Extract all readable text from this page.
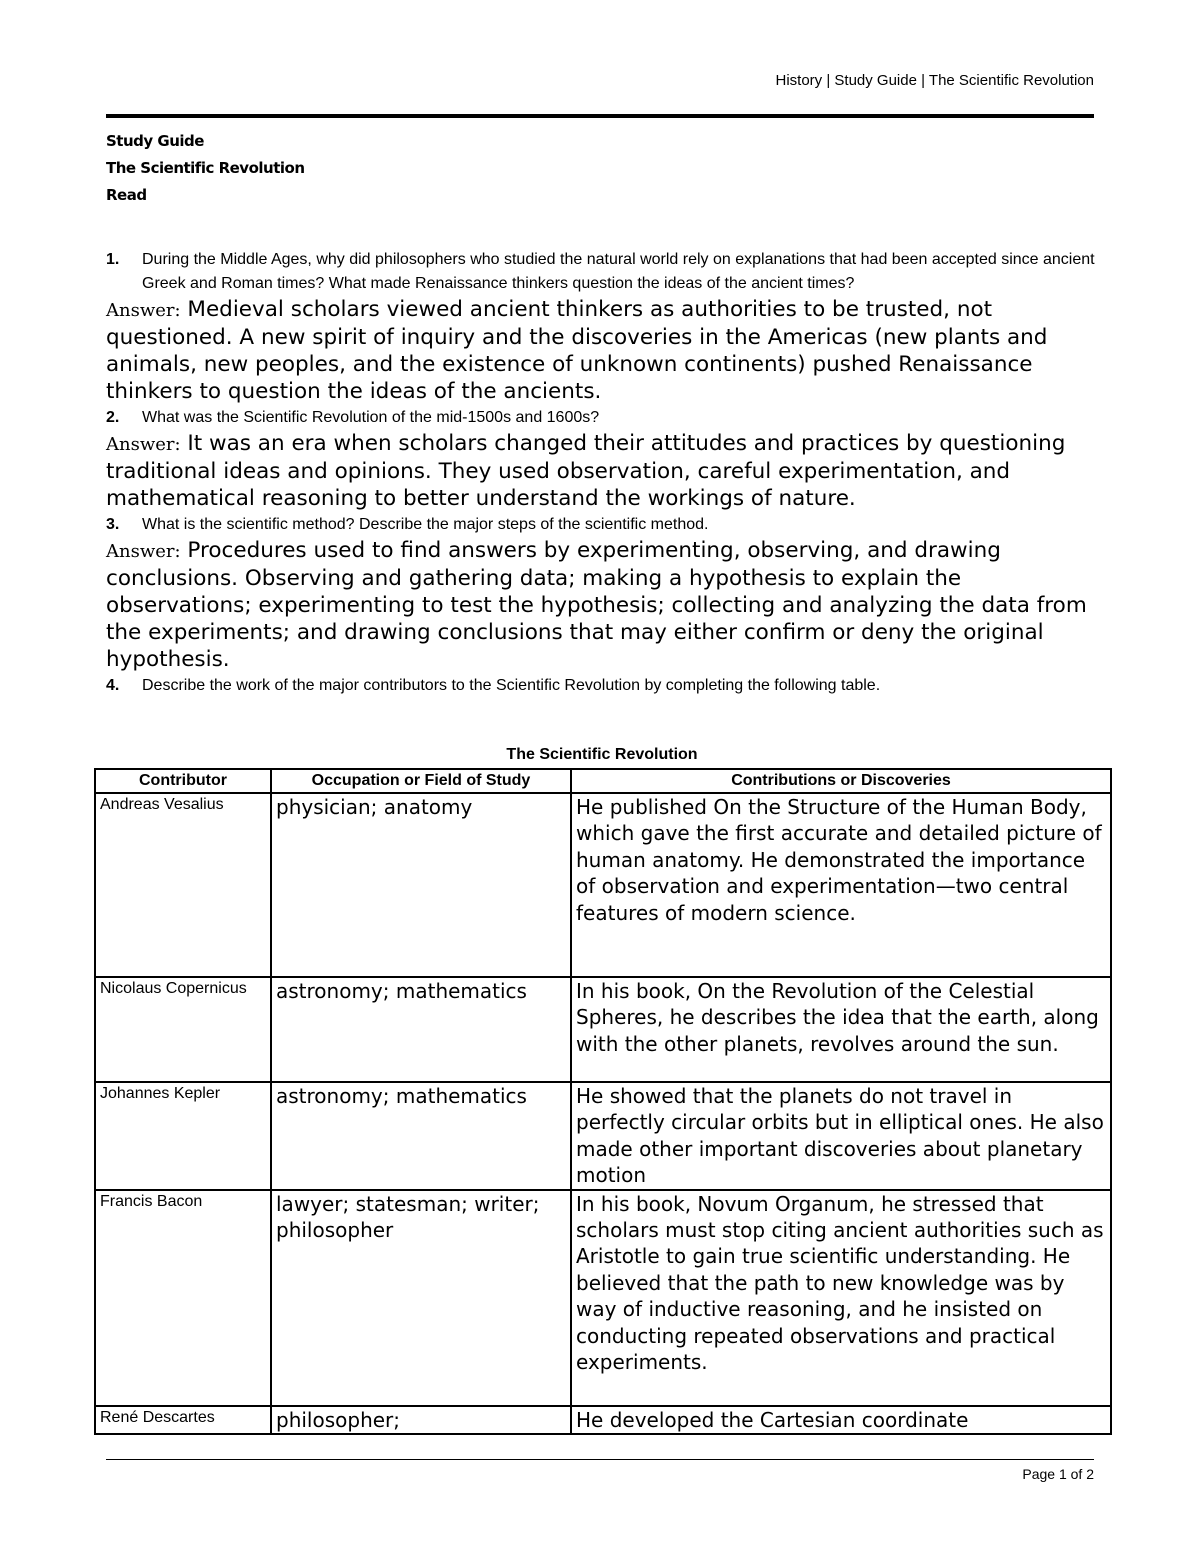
History | Study Guide | The Scientific Revolution
Study Guide
The Scientific Revolution
Read
1.	During the Middle Ages, why did philosophers who studied the natural world rely on explanations that had been accepted since ancient Greek and Roman times? What made Renaissance thinkers question the ideas of the ancient times?
Answer: Medieval scholars viewed ancient thinkers as authorities to be trusted, not questioned. A new spirit of inquiry and the discoveries in the Americas (new plants and animals, new peoples, and the existence of unknown continents) pushed Renaissance thinkers to question the ideas of the ancients.
2.	What was the Scientific Revolution of the mid-1500s and 1600s?
Answer: It was an era when scholars changed their attitudes and practices by questioning traditional ideas and opinions. They used observation, careful experimentation, and mathematical reasoning to better understand the workings of nature.
3.	What is the scientific method? Describe the major steps of the scientific method.
Answer: Procedures used to find answers by experimenting, observing, and drawing conclusions. Observing and gathering data; making a hypothesis to explain the observations; experimenting to test the hypothesis; collecting and analyzing the data from the experiments; and drawing conclusions that may either confirm or deny the original hypothesis.
4.	Describe the work of the major contributors to the Scientific Revolution by completing the following table.
The Scientific Revolution
Contributor	Occupation or Field of Study	Contributions or Discoveries
Andreas Vesalius	physician; anatomy	He published On the Structure of the Human Body, which gave the first accurate and detailed picture of human anatomy. He demonstrated the importance of observation and experimentation—two central features of modern science.
Nicolaus Copernicus	astronomy; mathematics	In his book, On the Revolution of the Celestial Spheres, he describes the idea that the earth, along with the other planets, revolves around the sun.
Johannes Kepler	astronomy; mathematics	He showed that the planets do not travel in perfectly circular orbits but in elliptical ones. He also made other important discoveries about planetary motion
Francis Bacon	lawyer; statesman; writer; philosopher	In his book, Novum Organum, he stressed that scholars must stop citing ancient authorities such as Aristotle to gain true scientific understanding. He believed that the path to new knowledge was by way of inductive reasoning, and he insisted on conducting repeated observations and practical experiments.
René Descartes	philosopher;	He developed the Cartesian coordinate
Page 1 of 2
